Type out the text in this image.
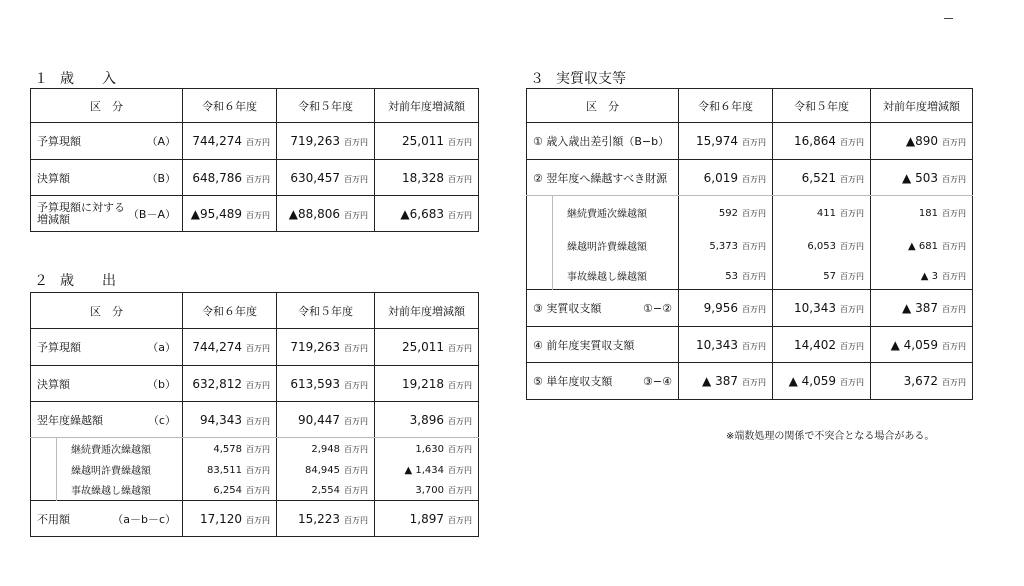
１ 歳　　入
区　分	令和６年度	令和５年度	対前年度増減額

予算現額 （A）	744,274 百万円	719,263 百万円	25,011 百万円

決算額 （B）	648,786 百万円	630,457 百万円	18,328 百万円

予算現額に対する
増減額 （B－A）	▲95,489 百万円	▲88,806 百万円	▲6,683 百万円
２ 歳　　出
区　分		令和６年度	令和５年度	対前年度増減額

予算現額 （a）		744,274 百万円	719,263 百万円	25,011 百万円

決算額 （b）		632,812 百万円	613,593 百万円	19,218 百万円

翌年度繰越額 （c）		94,343 百万円	90,447 百万円	3,896 百万円
	継続費逓次繰越額	4,578 百万円	2,948 百万円	1,630 百万円
	繰越明許費繰越額	83,511 百万円	84,945 百万円	▲ 1,434 百万円
	事故繰越し繰越額	6,254 百万円	2,554 百万円	3,700 百万円

不用額 （a－b－c）		17,120 百万円	15,223 百万円	1,897 百万円
３ 実質収支等
区　分		令和６年度	令和５年度	対前年度増減額
① 歳入歳出差引額（B−b）		15,974 百万円	16,864 百万円	▲890 百万円
② 翌年度へ繰越すべき財源		6,019 百万円	6,521 百万円	▲ 503 百万円
	継続費逓次繰越額	592 百万円	411 百万円	181 百万円
	繰越明許費繰越額	5,373 百万円	6,053 百万円	▲ 681 百万円
	事故繰越し繰越額	53 百万円	57 百万円	▲ 3 百万円

③ 実質収支額 ①−②		9,956 百万円	10,343 百万円	▲ 387 百万円

④ 前年度実質収支額		10,343 百万円	14,402 百万円	▲ 4,059 百万円

⑤ 単年度収支額 ③−④		▲ 387 百万円	▲ 4,059 百万円	3,672 百万円
※端数処理の関係で不突合となる場合がある。
